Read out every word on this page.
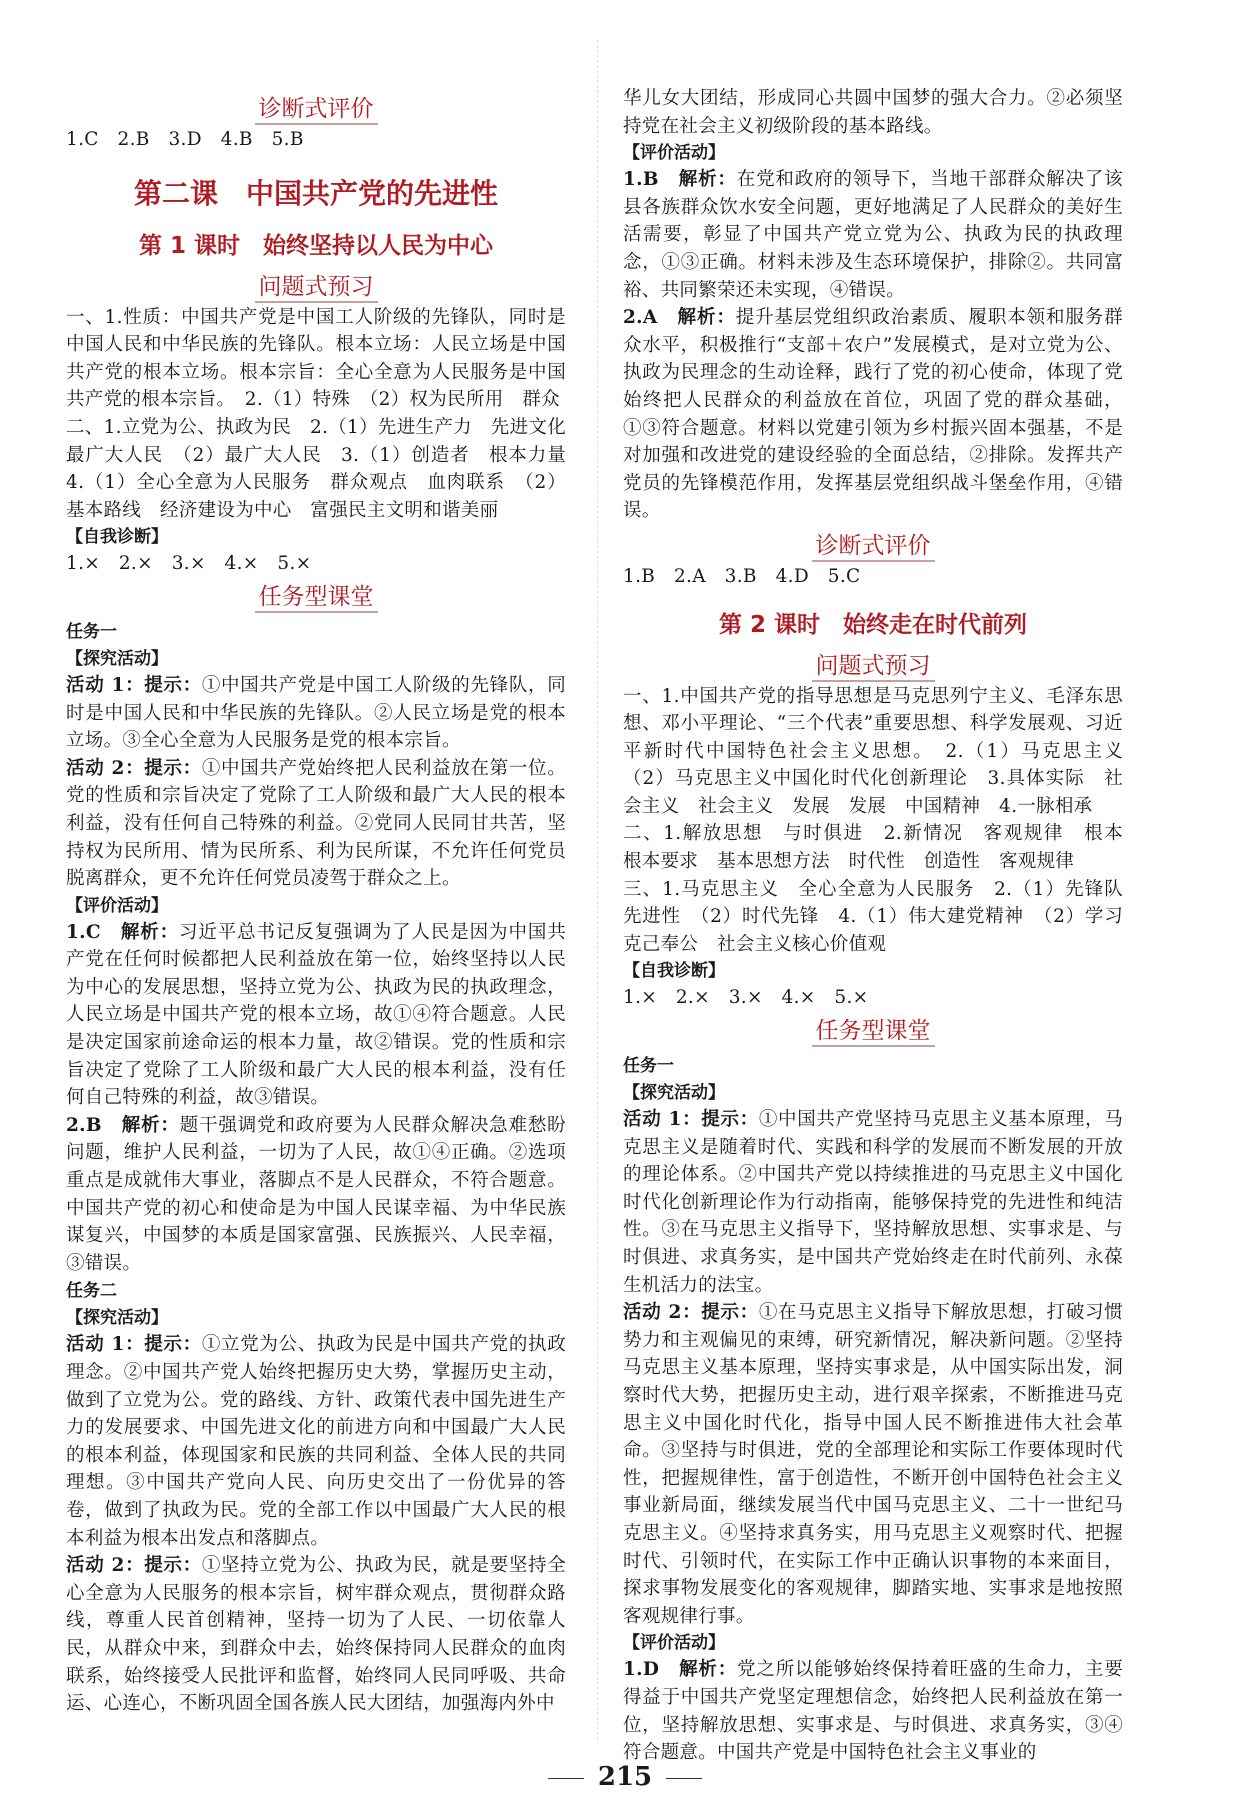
诊断式评价
1.C　2.B　3.D　4.B　5.B
第二课　中国共产党的先进性
第 1 课时　始终坚持以人民为中心
问题式预习
一、1.性质：中国共产党是中国工人阶级的先锋队，同时是中国人民和中华民族的先锋队。根本立场：人民立场是中国共产党的根本立场。根本宗旨：全心全意为人民服务是中国共产党的根本宗旨。　2.（1）特殊　（2）权为民所用　群众
二、1.立党为公、执政为民　2.（1）先进生产力　先进文化　最广大人民　（2）最广大人民　3.（1）创造者　根本力量　4.（1）全心全意为人民服务　群众观点　血肉联系　（2）基本路线　经济建设为中心　富强民主文明和谐美丽
【自我诊断】
1.×　2.×　3.×　4.×　5.×
任务型课堂
任务一
【探究活动】
活动 1：提示：①中国共产党是中国工人阶级的先锋队，同时是中国人民和中华民族的先锋队。②人民立场是党的根本立场。③全心全意为人民服务是党的根本宗旨。
活动 2：提示：①中国共产党始终把人民利益放在第一位。党的性质和宗旨决定了党除了工人阶级和最广大人民的根本利益，没有任何自己特殊的利益。②党同人民同甘共苦，坚持权为民所用、情为民所系、利为民所谋，不允许任何党员脱离群众，更不允许任何党员凌驾于群众之上。
【评价活动】
1.C　解析：习近平总书记反复强调为了人民是因为中国共产党在任何时候都把人民利益放在第一位，始终坚持以人民为中心的发展思想，坚持立党为公、执政为民的执政理念，人民立场是中国共产党的根本立场，故①④符合题意。人民是决定国家前途命运的根本力量，故②错误。党的性质和宗旨决定了党除了工人阶级和最广大人民的根本利益，没有任何自己特殊的利益，故③错误。
2.B　解析：题干强调党和政府要为人民群众解决急难愁盼问题，维护人民利益，一切为了人民，故①④正确。②选项重点是成就伟大事业，落脚点不是人民群众，不符合题意。中国共产党的初心和使命是为中国人民谋幸福、为中华民族谋复兴，中国梦的本质是国家富强、民族振兴、人民幸福，③错误。
任务二
【探究活动】
活动 1：提示：①立党为公、执政为民是中国共产党的执政理念。②中国共产党人始终把握历史大势，掌握历史主动，做到了立党为公。党的路线、方针、政策代表中国先进生产力的发展要求、中国先进文化的前进方向和中国最广大人民的根本利益，体现国家和民族的共同利益、全体人民的共同理想。③中国共产党向人民、向历史交出了一份优异的答卷，做到了执政为民。党的全部工作以中国最广大人民的根本利益为根本出发点和落脚点。
活动 2：提示：①坚持立党为公、执政为民，就是要坚持全心全意为人民服务的根本宗旨，树牢群众观点，贯彻群众路线，尊重人民首创精神，坚持一切为了人民、一切依靠人民，从群众中来，到群众中去，始终保持同人民群众的血肉联系，始终接受人民批评和监督，始终同人民同呼吸、共命运、心连心，不断巩固全国各族人民大团结，加强海内外中
华儿女大团结，形成同心共圆中国梦的强大合力。②必须坚持党在社会主义初级阶段的基本路线。
【评价活动】
1.B　解析：在党和政府的领导下，当地干部群众解决了该县各族群众饮水安全问题，更好地满足了人民群众的美好生活需要，彰显了中国共产党立党为公、执政为民的执政理念，①③正确。材料未涉及生态环境保护，排除②。共同富裕、共同繁荣还未实现，④错误。
2.A　解析：提升基层党组织政治素质、履职本领和服务群众水平，积极推行“支部＋农户”发展模式，是对立党为公、执政为民理念的生动诠释，践行了党的初心使命，体现了党始终把人民群众的利益放在首位，巩固了党的群众基础，①③符合题意。材料以党建引领为乡村振兴固本强基，不是对加强和改进党的建设经验的全面总结，②排除。发挥共产党员的先锋模范作用，发挥基层党组织战斗堡垒作用，④错误。
诊断式评价
1.B　2.A　3.B　4.D　5.C
第 2 课时　始终走在时代前列
问题式预习
一、1.中国共产党的指导思想是马克思列宁主义、毛泽东思想、邓小平理论、“三个代表”重要思想、科学发展观、习近平新时代中国特色社会主义思想。　2.（1）马克思主义　（2）马克思主义中国化时代化创新理论　3.具体实际　社会主义　社会主义　发展　发展　中国精神　4.一脉相承
二、1.解放思想　与时俱进　2.新情况　客观规律　根本　根本要求　基本思想方法　时代性　创造性　客观规律
三、1.马克思主义　全心全意为人民服务　2.（1）先锋队　先进性　（2）时代先锋　4.（1）伟大建党精神　（2）学习　克己奉公　社会主义核心价值观
【自我诊断】
1.×　2.×　3.×　4.×　5.×
任务型课堂
任务一
【探究活动】
活动 1：提示：①中国共产党坚持马克思主义基本原理，马克思主义是随着时代、实践和科学的发展而不断发展的开放的理论体系。②中国共产党以持续推进的马克思主义中国化时代化创新理论作为行动指南，能够保持党的先进性和纯洁性。③在马克思主义指导下，坚持解放思想、实事求是、与时俱进、求真务实，是中国共产党始终走在时代前列、永葆生机活力的法宝。
活动 2：提示：①在马克思主义指导下解放思想，打破习惯势力和主观偏见的束缚，研究新情况，解决新问题。②坚持马克思主义基本原理，坚持实事求是，从中国实际出发，洞察时代大势，把握历史主动，进行艰辛探索，不断推进马克思主义中国化时代化，指导中国人民不断推进伟大社会革命。③坚持与时俱进，党的全部理论和实际工作要体现时代性，把握规律性，富于创造性，不断开创中国特色社会主义事业新局面，继续发展当代中国马克思主义、二十一世纪马克思主义。④坚持求真务实，用马克思主义观察时代、把握时代、引领时代，在实际工作中正确认识事物的本来面目，探求事物发展变化的客观规律，脚踏实地、实事求是地按照客观规律行事。
【评价活动】
1.D　解析：党之所以能够始终保持着旺盛的生命力，主要得益于中国共产党坚定理想信念，始终把人民利益放在第一位，坚持解放思想、实事求是、与时俱进、求真务实，③④符合题意。中国共产党是中国特色社会主义事业的
215
